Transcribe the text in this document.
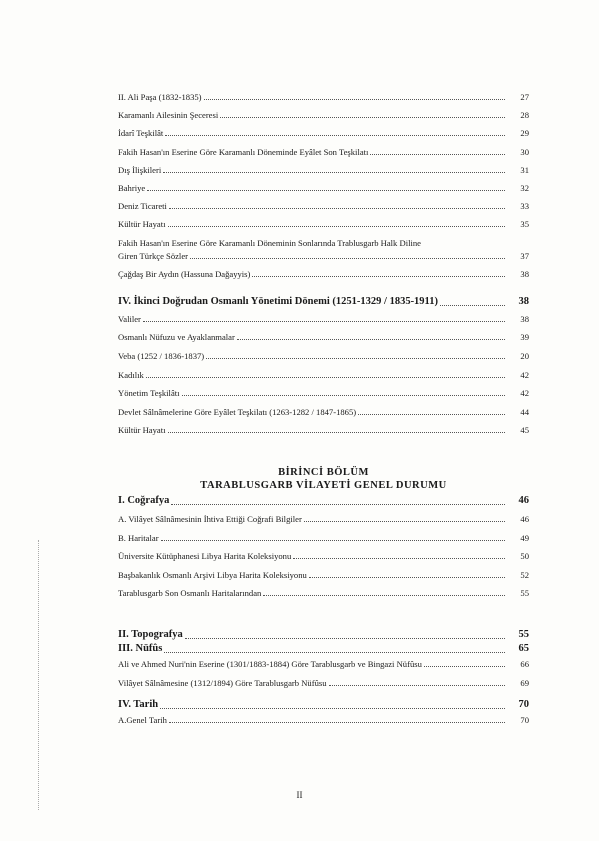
II. Ali Paşa (1832-1835)	27
Karamanlı Ailesinin Şeceresi	28
İdarî Teşkilât	29
Fakih Hasan'ın Eserine Göre Karamanlı Döneminde Eyâlet Son Teşkilatı	30
Dış İlişkileri	31
Bahriye	32
Deniz Ticareti	33
Kültür Hayatı	35
Fakih Hasan'ın Eserine Göre Karamanlı Döneminin Sonlarında Trablusgarb Halk Diline
Giren Türkçe Sözler	37
Çağdaş Bir Aydın (Hassuna Dağayyis)	38
IV. İkinci Doğrudan Osmanlı Yönetimi Dönemi (1251-1329 / 1835-1911)	38
Valiler	38
Osmanlı Nüfuzu ve Ayaklanmalar	39
Veba (1252 / 1836-1837)	20
Kadılık	42
Yönetim Teşkilâtı	42
Devlet Sâlnâmelerine Göre Eyâlet Teşkilatı (1263-1282 / 1847-1865)	44
Kültür Hayatı	45
BİRİNCİ BÖLÜM
TARABLUSGARB VİLAYETİ GENEL DURUMU
I. Coğrafya	46
A. Vilâyet Sâlnâmesinin İhtiva Ettiği Coğrafi Bilgiler	46
B. Haritalar	49
Üniversite Kütüphanesi Libya Harita Koleksiyonu	50
Başbakanlık Osmanlı Arşivi Libya Harita Koleksiyonu	52
Tarablusgarb Son Osmanlı Haritalarından	55
II. Topografya	55
III. Nüfûs	65
Ali ve Ahmed Nuri'nin Eserine (1301/1883-1884) Göre Tarablusgarb ve Bingazi Nüfûsu	66
Vilâyet Sâlnâmesine (1312/1894) Göre Tarablusgarb Nüfûsu	69
IV. Tarih	70
A.Genel Tarih	70
II
